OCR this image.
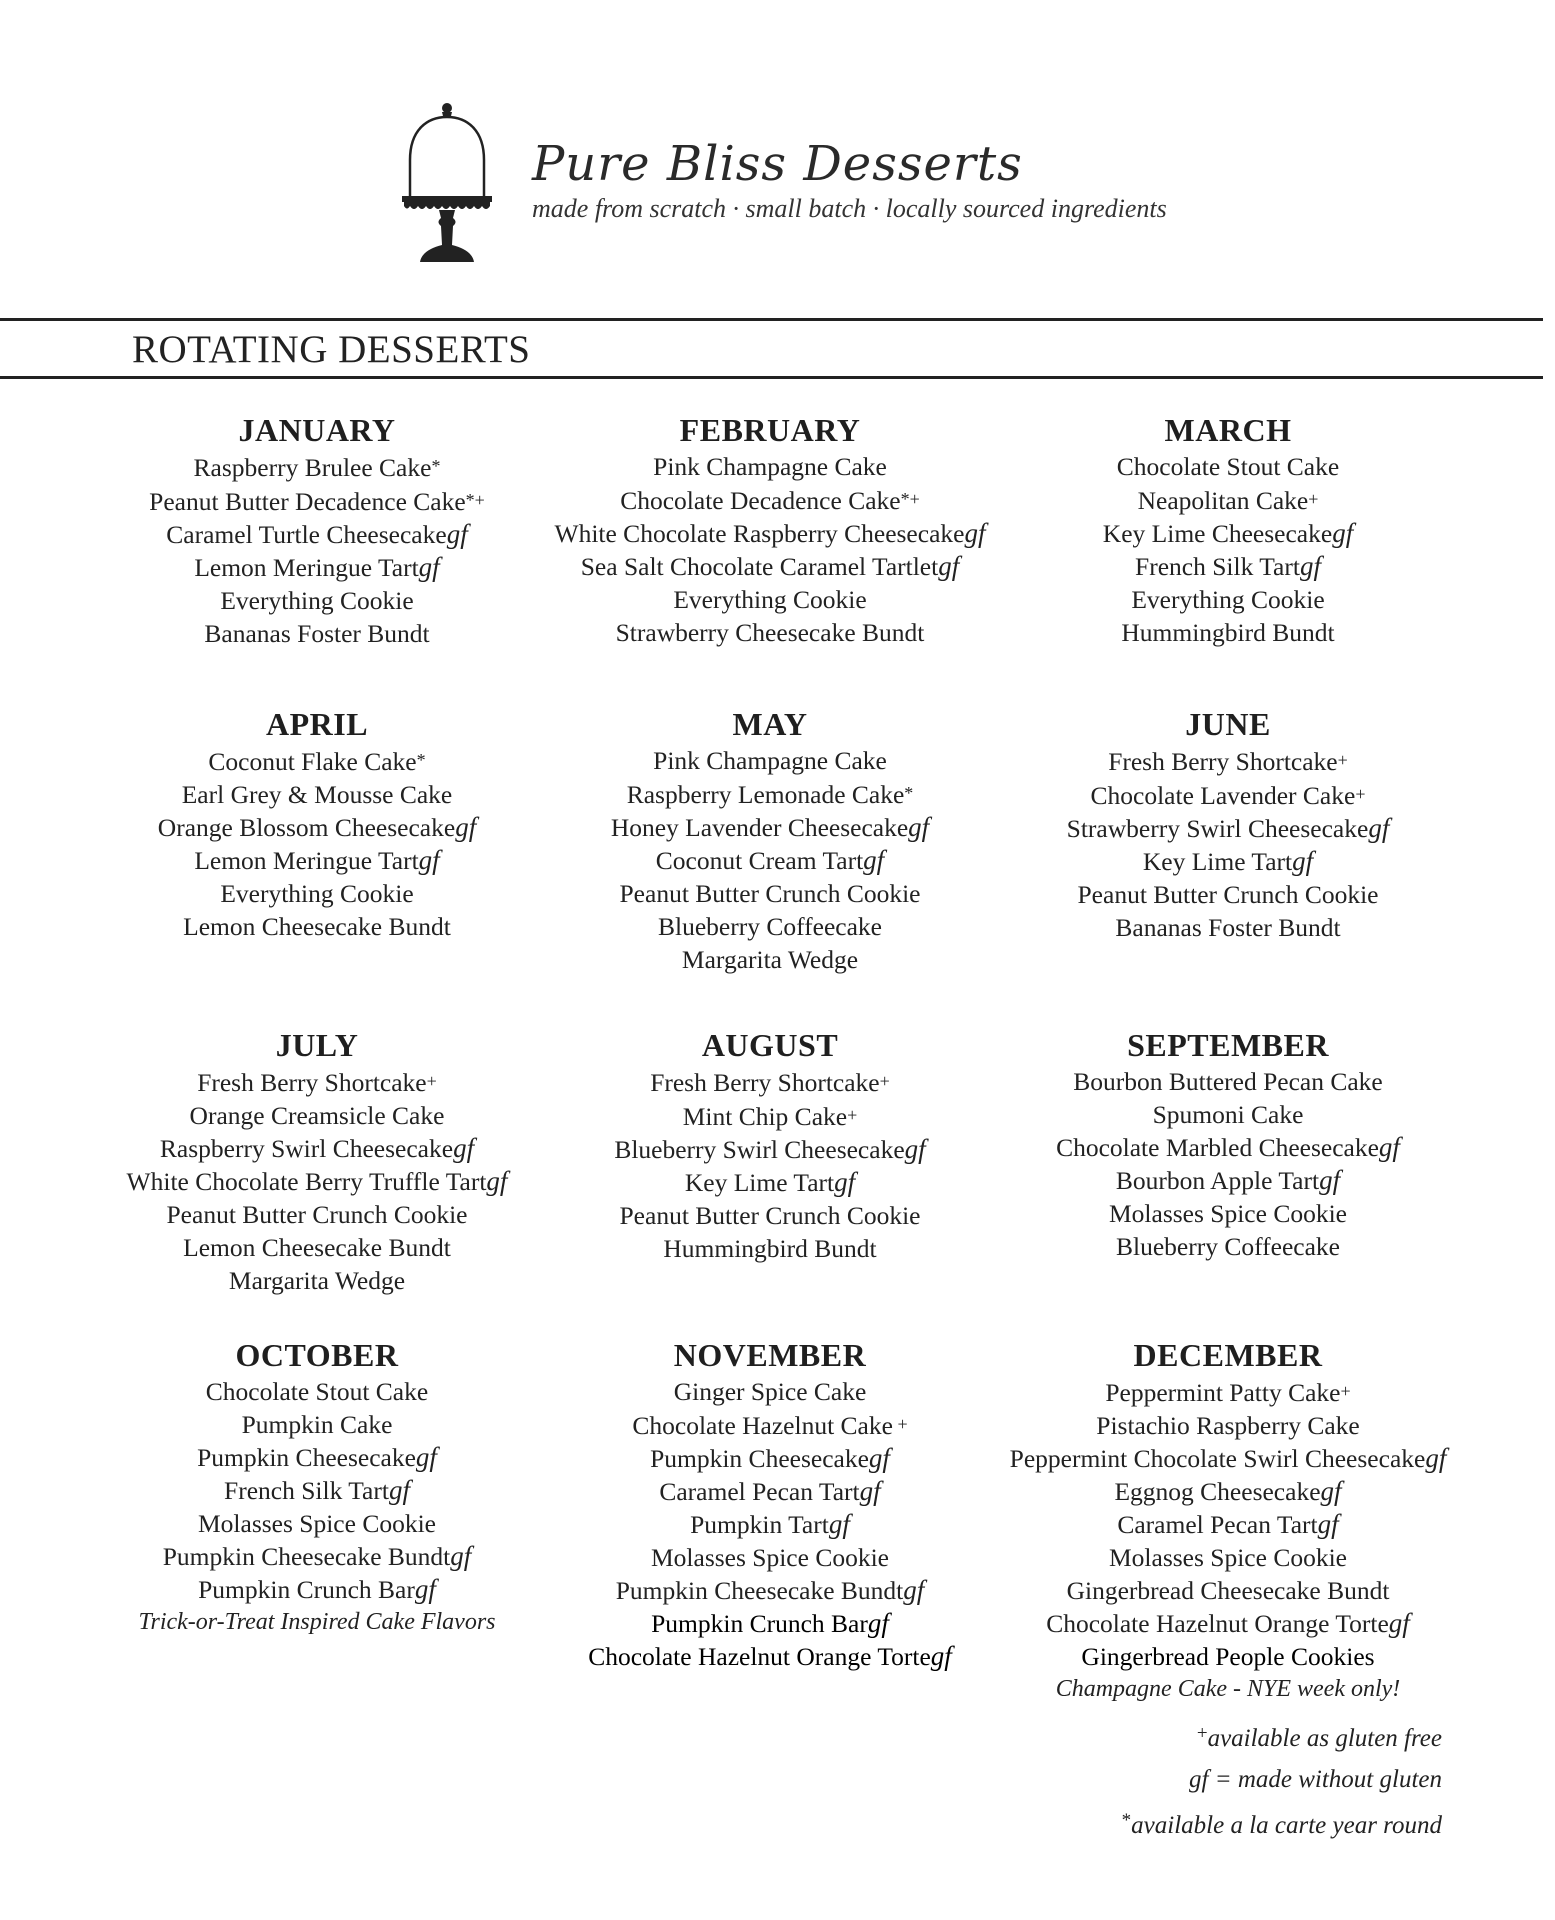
Pure Bliss Desserts
made from scratch · small batch · locally sourced ingredients
ROTATING DESSERTS
JANUARY
Raspberry Brulee Cake*
Peanut Butter Decadence Cake*+
Caramel Turtle Cheesecakegf
Lemon Meringue Tartgf
Everything Cookie
Bananas Foster Bundt
FEBRUARY
Pink Champagne Cake
Chocolate Decadence Cake*+
White Chocolate Raspberry Cheesecakegf
Sea Salt Chocolate Caramel Tartletgf
Everything Cookie
Strawberry Cheesecake Bundt
MARCH
Chocolate Stout Cake
Neapolitan Cake+
Key Lime Cheesecakegf
French Silk Tartgf
Everything Cookie
Hummingbird Bundt
APRIL
Coconut Flake Cake*
Earl Grey & Mousse Cake
Orange Blossom Cheesecakegf
Lemon Meringue Tartgf
Everything Cookie
Lemon Cheesecake Bundt
MAY
Pink Champagne Cake
Raspberry Lemonade Cake*
Honey Lavender Cheesecakegf
Coconut Cream Tartgf
Peanut Butter Crunch Cookie
Blueberry Coffeecake
Margarita Wedge
JUNE
Fresh Berry Shortcake+
Chocolate Lavender Cake+
Strawberry Swirl Cheesecakegf
Key Lime Tartgf
Peanut Butter Crunch Cookie
Bananas Foster Bundt
JULY
Fresh Berry Shortcake+
Orange Creamsicle Cake
Raspberry Swirl Cheesecakegf
White Chocolate Berry Truffle Tartgf
Peanut Butter Crunch Cookie
Lemon Cheesecake Bundt
Margarita Wedge
AUGUST
Fresh Berry Shortcake+
Mint Chip Cake+
Blueberry Swirl Cheesecakegf
Key Lime Tartgf
Peanut Butter Crunch Cookie
Hummingbird Bundt
SEPTEMBER
Bourbon Buttered Pecan Cake
Spumoni Cake
Chocolate Marbled Cheesecakegf
Bourbon Apple Tartgf
Molasses Spice Cookie
Blueberry Coffeecake
OCTOBER
Chocolate Stout Cake
Pumpkin Cake
Pumpkin Cheesecakegf
French Silk Tartgf
Molasses Spice Cookie
Pumpkin Cheesecake Bundtgf
Pumpkin Crunch Bargf
Trick-or-Treat Inspired Cake Flavors
NOVEMBER
Ginger Spice Cake
Chocolate Hazelnut Cake +
Pumpkin Cheesecakegf
Caramel Pecan Tartgf
Pumpkin Tartgf
Molasses Spice Cookie
Pumpkin Cheesecake Bundtgf
Pumpkin Crunch Bargf
Chocolate Hazelnut Orange Tortegf
DECEMBER
Peppermint Patty Cake+
Pistachio Raspberry Cake
Peppermint Chocolate Swirl Cheesecakegf
Eggnog Cheesecakegf
Caramel Pecan Tartgf
Molasses Spice Cookie
Gingerbread Cheesecake Bundt
Chocolate Hazelnut Orange Tortegf
Gingerbread People Cookies
Champagne Cake - NYE week only!
+available as gluten free
gf = made without gluten
*available a la carte year round
